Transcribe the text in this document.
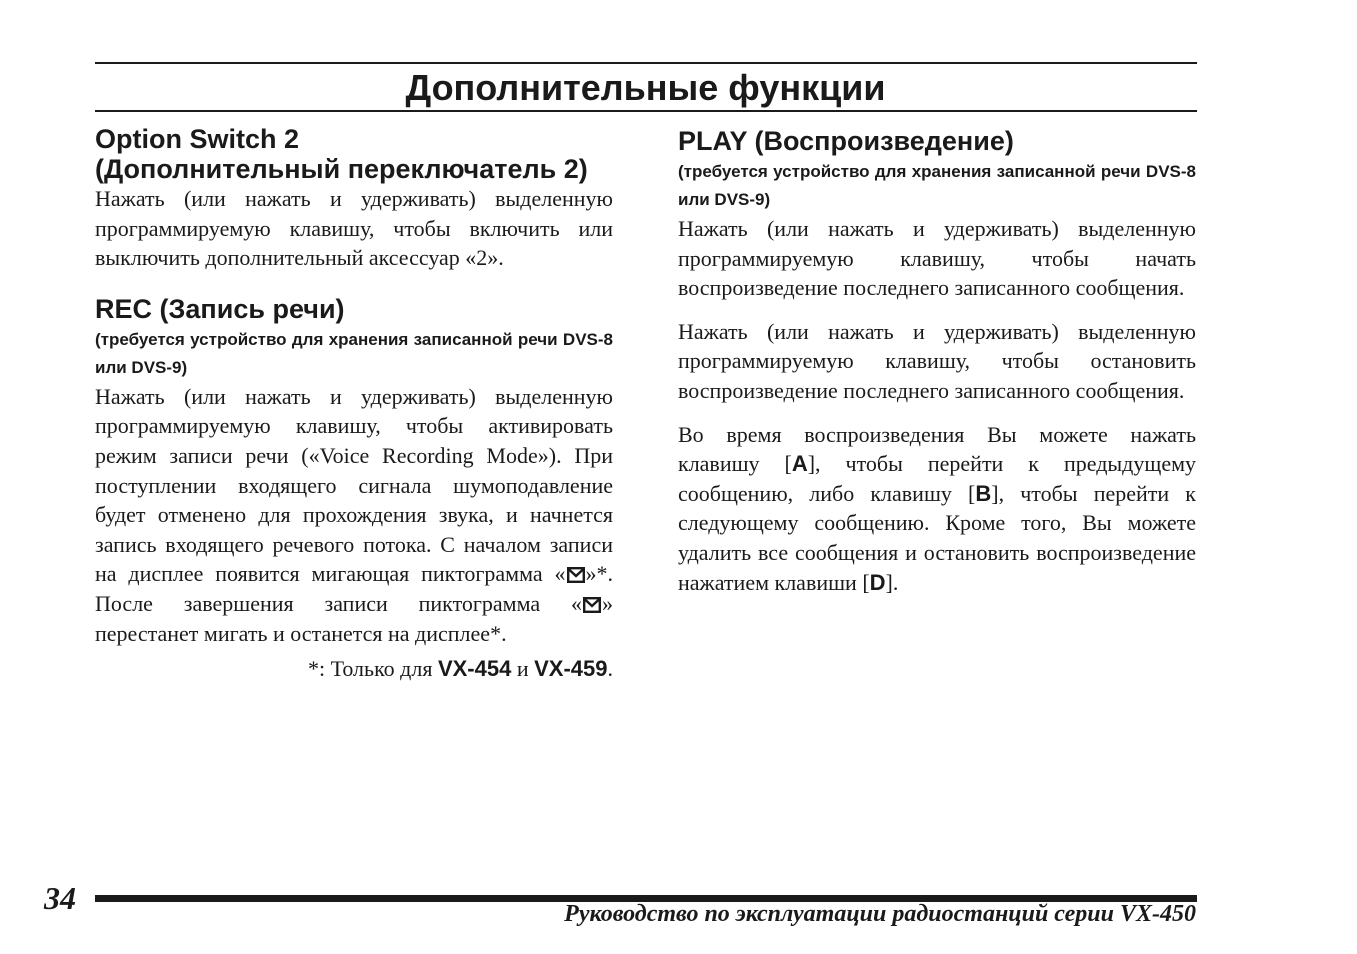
Дополнительные функции
Option Switch 2
(Дополнительный переключатель 2)

Нажать (или нажать и удерживать) выделенную программируемую клавишу, чтобы включить или выключить дополнительный аксессуар «2».

REC (Запись речи)

(требуется устройство для хранения записанной речи DVS-8 или DVS-9)

Нажать (или нажать и удерживать) выделенную программируемую клавишу, чтобы активировать режим записи речи («Voice Recording Mode»). При поступлении входящего сигнала шумоподавление будет отменено для прохождения звука, и начнется запись входящего речевого потока. С началом записи на дисплее появится мигающая пиктограмма « »*. После завершения записи пиктограмма « » перестанет мигать и останется на дисплее*.

*: Только для VX-454 и VX-459.

PLAY (Воспроизведение)

(требуется устройство для хранения записанной речи DVS-8 или DVS-9)

Нажать (или нажать и удерживать) выделенную программируемую клавишу, чтобы начать воспроизведение последнего записанного сообщения.

Нажать (или нажать и удерживать) выделенную программируемую клавишу, чтобы остановить воспроизведение последнего записанного сообщения.

Во время воспроизведения Вы можете нажать клавишу [A], чтобы перейти к предыдущему сообщению, либо клавишу [B], чтобы перейти к следующему сообщению. Кроме того, Вы можете удалить все сообщения и остановить воспроизведение нажатием клавиши [D].

34	Руководство по эксплуатации радиостанций серии VX-450
